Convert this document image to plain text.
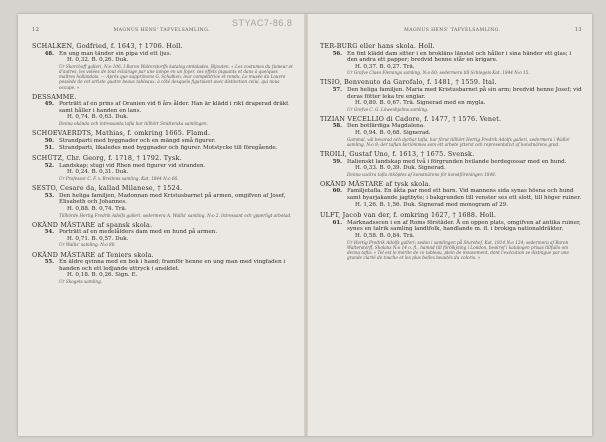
STYAC7-86.8
12	MAGNUS HENS' TAFVELSAMLING.
SCHALKEN, Godfried, f. 1643, † 1706. Holl.
48. En ung man tänder sin pipa vid ett ljus.

H. 0,32. B. 0,26. Duk.

Ur Skorchoff galleri, N:o 106. I Baron Walterstorffs katalog omtalades. Bijouten. « Les costumes du fumeur et d'autres, les volées de tout éclairage par une lampe en un foyer, ces effets piquants et dans à quelques maîtres hollandais. — Après que supprimons G. Schalken, leur compétitrice et rendu. Le musée du Louvre possède de cet artiste quatre beaux tableaux, à côté desquels figuraient avec distinction celui, qui nous occupe. »

DESSAMME.
49. Porträtt af en prins af Oranien vid 6 års ålder. Han är klädd i rikt draperad dräkt samt håller i handen en lans.

H. 0,74. B. 0,63. Duk.

Denna okända och intressanta tafla har tillhört Smitterska samlingen.

SCHOEVAERDTS, Mathias, f. omkring 1665. Flamd.
50. Strandparti med byggnader och en mängd små figurer.

51. Strandparti, likaledes med byggnader och figurer. Motstycke till föregående.

SCHÜTZ, Chr. Georg, f. 1718, † 1792. Tysk.
52. Landskap; stugi vid Rhen med figurer vid stranden.

H. 0,24. B. 0,31. Duk.

Ur Professor C. F. v. Breitens samling. Kat. 1844 N:o 66.

SESTO, Cesare da, kallad Milanese, † 1524.
53. Den heliga familjen, Madonnan med Kristusbarnet på armen, omgifven af Josef, Elisabeth och Johannes.

H. 0,88. B. 0,74. Trä.

Tillhörde Hertig Fredrik Adolfs galleri, sedermera A. Wallis' samling. N:o 2. Intressant och ypperligt arbetad.

OKÄND MÄSTARE af spansk skola.
54. Porträtt af en medelålders dam med en hund på armen.

H. 0,71. B. 0,57. Duk.

Ur Wallis' samling. N:o 80.

OKÄND MÄSTARE af Teniers skola.
55. En äldre qvinna med en bok i hand; framför henne en ung man med vingfaden i handen och ett ledjande uttryck i ansiktet.

H. 0,18. B. 0,26. Sign. E.

Ur Skogets samling.

MAGNUS HENS' TAFVELSAMLING.	13
TER-BURG eller hans skola. Holl.
56. En fint klädd dam sitter i en brokläns länstol och håller i sina händer ett glas; i den andra ett papper; bredvid henne står en krigare.

H. 0,37. B. 0,27. Trä.

Ur Grafve Claes Flemings samling. N:o 60; sedermera till Schlegels Kat. 1844 N:o 15.

TISIO, Benvenuto da Garofalo, f. 1481, † 1559. Ital.
57. Den heliga familjen. Maria med Kristusbarnet på sin arm; bredvid henne Josef; vid deras fötter leka tre englar.

H. 0,80. B. 0,67. Trä. Signerad med en mygla.

Ur Grefve C. G. Löwenhjelms samling.

TIZIAN VECELLIO di Cadore, f. 1477, † 1576. Venet.
58. Den botfärdiga Magdalena.

H. 0,94. B. 0,68. Signerad.

Gammal, väl bevarad och dyrbar tafla, har förut tillhört Hertig Fredrik Adolfs galleri, sedermera i Wallis' samling, N:o 8; der taflan beriömmes som ett arbete ytterst och representativt af konstnärens grad.

TROILI, Gustaf Uno, f. 1613, † 1675. Svensk.
59. Italienskt landskap med två i förgrunden hvilande herdegossar med en hund.

H. 0,33. B. 0,39. Duk. Signerad.

Denna vackra tafla inköptes af konstnärens för konstföreningen 1848.

OKÄND MÄSTARE af tysk skola.
60. Familjetafla. En äkta par med ett barn. Vid mannens sida synas hösna och hund samt byarjakande jagtbyte; i bakgrunden till venster ses ett slott, till höger ruiner.

H. 1,26. B. 1,56. Duk. Signerad med monogram af 29.

ULFT, Jacob van der, f. omkring 1627, † 1688. Holl.
61. Marknadsscen i en af Roms förstäder. Å en oppen plats, omgifven af antika ruiner, synes en talrik samling landtfolk, handlande m. fl. i brokiga nationaldräkter.

H. 0,58. B. 0,84. Trä.

Ur Hertig Fredrik Adolfs galleri; sedan i samlingen på Sturehof, Kat. 1814 N:o 124; sedermera af Baron Walterstorff. Skolans N:o 14 o. fl., hamnd till förölkjning i London, beskref i katalogen prisas tillfullo om denna tafla: « Tel est le mérite de ce tableau, plein de mouvement, dont l'exécution se distingue par une grande clarté de touche et les plus belles beautés du coloris. »
